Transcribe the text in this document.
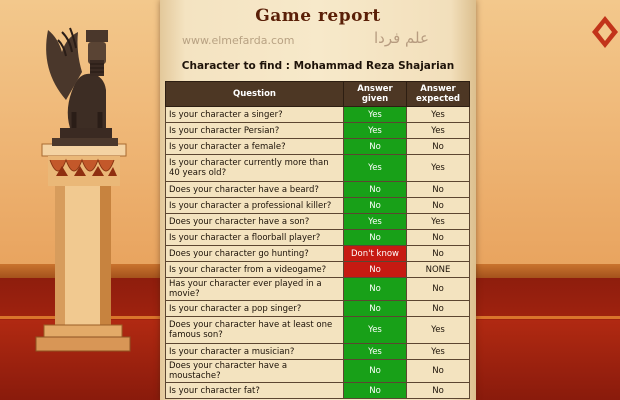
Game report
www.elmefarda.com	علم فردا
Character to find : Mohammad Reza Shajarian
Question	Answer given	Answer expected
Is your character a singer?	Yes	Yes
Is your character Persian?	Yes	Yes
Is your character a female?	No	No
Is your character currently more than 40 years old?	Yes	Yes
Does your character have a beard?	No	No
Is your character a professional killer?	No	No
Does your character have a son?	Yes	Yes
Is your character a floorball player?	No	No
Does your character go hunting?	Don't know	No
Is your character from a videogame?	No	NONE
Has your character ever played in a movie?	No	No
Is your character a pop singer?	No	No
Does your character have at least one famous son?	Yes	Yes
Is your character a musician?	Yes	Yes
Does your character have a moustache?	No	No
Is your character fat?	No	No
